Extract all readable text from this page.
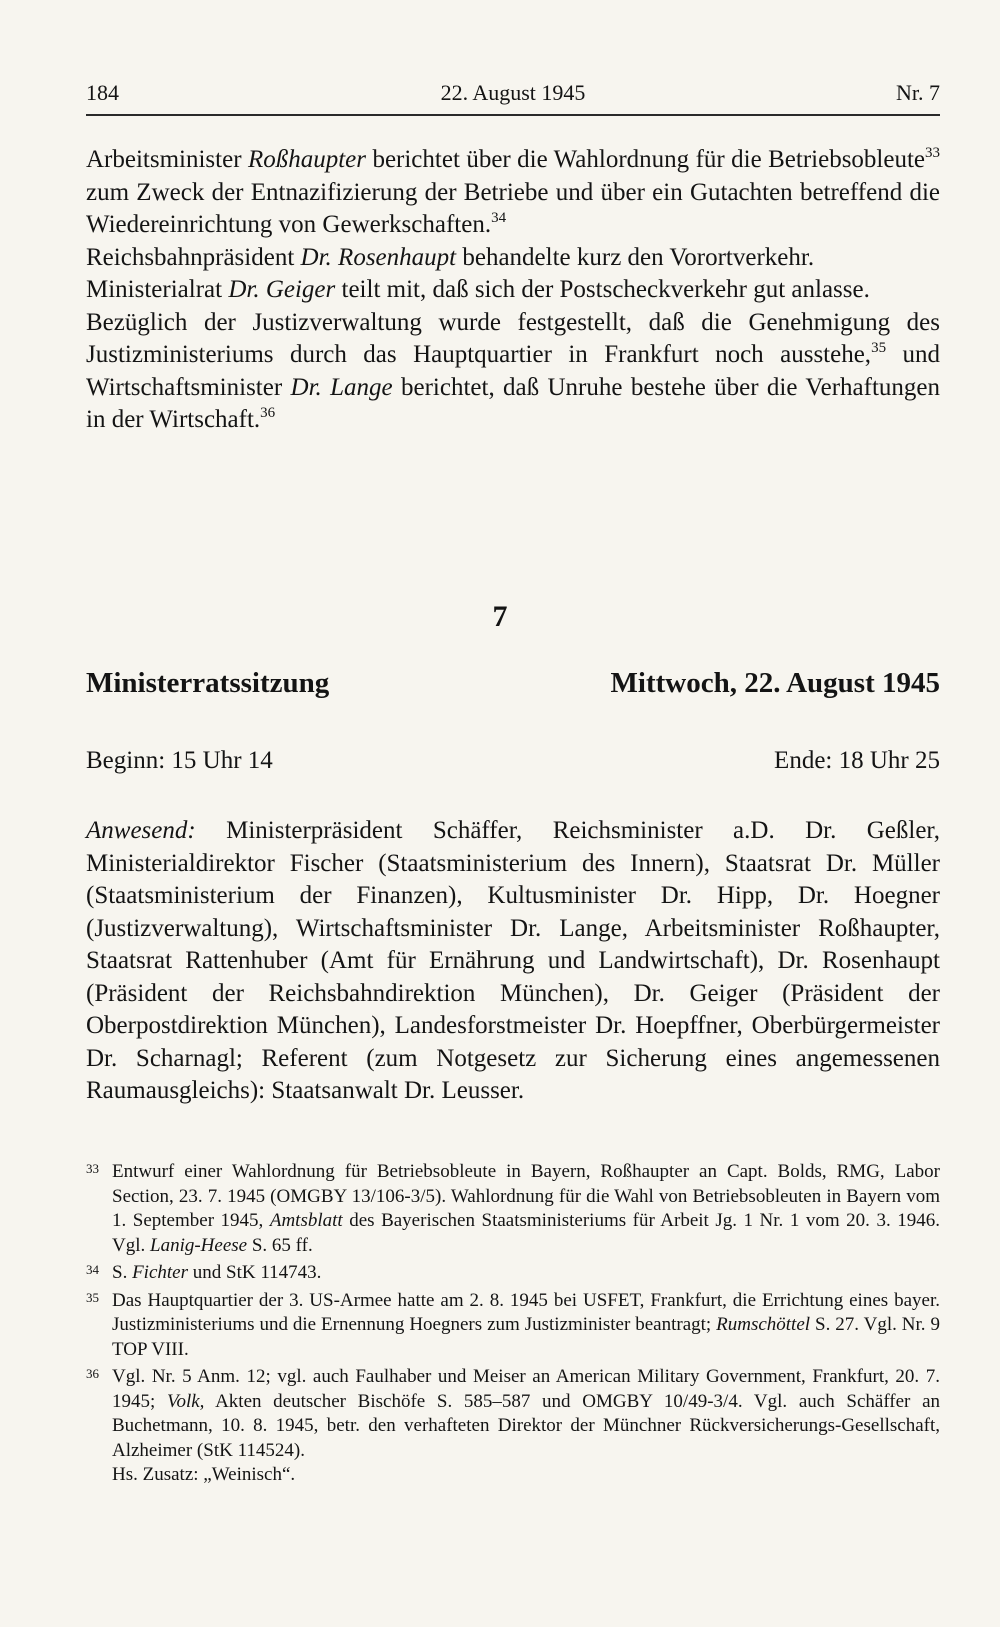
184	22. August 1945	Nr. 7

Arbeitsminister Roßhaupter berichtet über die Wahlordnung für die Betriebsobleute$^{33}$ zum Zweck der Entnazifizierung der Betriebe und über ein Gutachten betreffend die Wiedereinrichtung von Gewerkschaften.$^{34}$

Reichsbahnpräsident Dr. Rosenhaupt behandelte kurz den Vorortverkehr.

Ministerialrat Dr. Geiger teilt mit, daß sich der Postscheckverkehr gut anlasse.

Bezüglich der Justizverwaltung wurde festgestellt, daß die Genehmigung des Justizministeriums durch das Hauptquartier in Frankfurt noch ausstehe,$^{35}$ und Wirtschaftsminister Dr. Lange berichtet, daß Unruhe bestehe über die Verhaftungen in der Wirtschaft.$^{36}$

7
Ministerratssitzung	Mittwoch, 22. August 1945
Beginn: 15 Uhr 14	Ende: 18 Uhr 25
Anwesend: Ministerpräsident Schäffer, Reichsminister a.D. Dr. Geßler, Ministerialdirektor Fischer (Staatsministerium des Innern), Staatsrat Dr. Müller (Staatsministerium der Finanzen), Kultusminister Dr. Hipp, Dr. Hoegner (Justizverwaltung), Wirtschaftsminister Dr. Lange, Arbeitsminister Roßhaupter, Staatsrat Rattenhuber (Amt für Ernährung und Landwirtschaft), Dr. Rosenhaupt (Präsident der Reichsbahndirektion München), Dr. Geiger (Präsident der Oberpostdirektion München), Landesforstmeister Dr. Hoepffner, Oberbürgermeister Dr. Scharnagl; Referent (zum Notgesetz zur Sicherung eines angemessenen Raumausgleichs): Staatsanwalt Dr. Leusser.
33 Entwurf einer Wahlordnung für Betriebsobleute in Bayern, Roßhaupter an Capt. Bolds, RMG, Labor Section, 23. 7. 1945 (OMGBY 13/106-3/5). Wahlordnung für die Wahl von Betriebsobleuten in Bayern vom 1. September 1945, Amtsblatt des Bayerischen Staatsministeriums für Arbeit Jg. 1 Nr. 1 vom 20. 3. 1946. Vgl. Lanig-Heese S. 65 ff.
34 S. Fichter und StK 114743.
35 Das Hauptquartier der 3. US-Armee hatte am 2. 8. 1945 bei USFET, Frankfurt, die Errichtung eines bayer. Justizministeriums und die Ernennung Hoegners zum Justizminister beantragt; Rumschöttel S. 27. Vgl. Nr. 9 TOP VIII.
36 Vgl. Nr. 5 Anm. 12; vgl. auch Faulhaber und Meiser an American Military Government, Frankfurt, 20. 7. 1945; Volk, Akten deutscher Bischöfe S. 585–587 und OMGBY 10/49-3/4. Vgl. auch Schäffer an Buchetmann, 10. 8. 1945, betr. den verhafteten Direktor der Münchner Rückversicherungs-Gesellschaft, Alzheimer (StK 114524).
Hs. Zusatz: „Weinisch“.
